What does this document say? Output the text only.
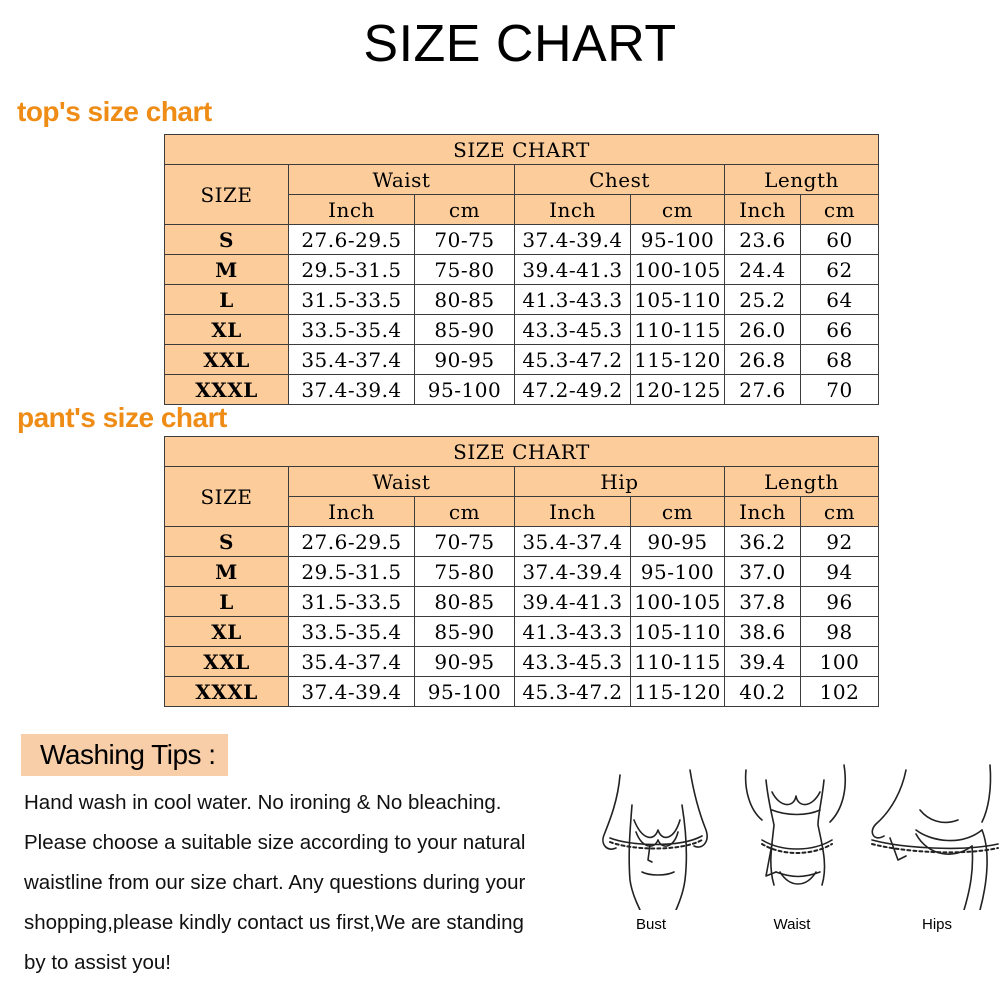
SIZE CHART
top's size chart
SIZE CHART						
SIZE	Waist		Chest		Length	
	Inch	cm	Inch	cm	Inch	cm
S	27.6-29.5	70-75	37.4-39.4	95-100	23.6	60
M	29.5-31.5	75-80	39.4-41.3	100-105	24.4	62
L	31.5-33.5	80-85	41.3-43.3	105-110	25.2	64
XL	33.5-35.4	85-90	43.3-45.3	110-115	26.0	66
XXL	35.4-37.4	90-95	45.3-47.2	115-120	26.8	68
XXXL	37.4-39.4	95-100	47.2-49.2	120-125	27.6	70
pant's size chart
SIZE CHART						
SIZE	Waist		Hip		Length	
	Inch	cm	Inch	cm	Inch	cm
S	27.6-29.5	70-75	35.4-37.4	90-95	36.2	92
M	29.5-31.5	75-80	37.4-39.4	95-100	37.0	94
L	31.5-33.5	80-85	39.4-41.3	100-105	37.8	96
XL	33.5-35.4	85-90	41.3-43.3	105-110	38.6	98
XXL	35.4-37.4	90-95	43.3-45.3	110-115	39.4	100
XXXL	37.4-39.4	95-100	45.3-47.2	115-120	40.2	102
Washing Tips :
Hand wash in cool water. No ironing & No bleaching.
Please choose a suitable size according to your natural
waistline from our size chart. Any questions during your
shopping,please kindly contact us first,We are standing
by to assist you!
Bust	Waist	Hips
